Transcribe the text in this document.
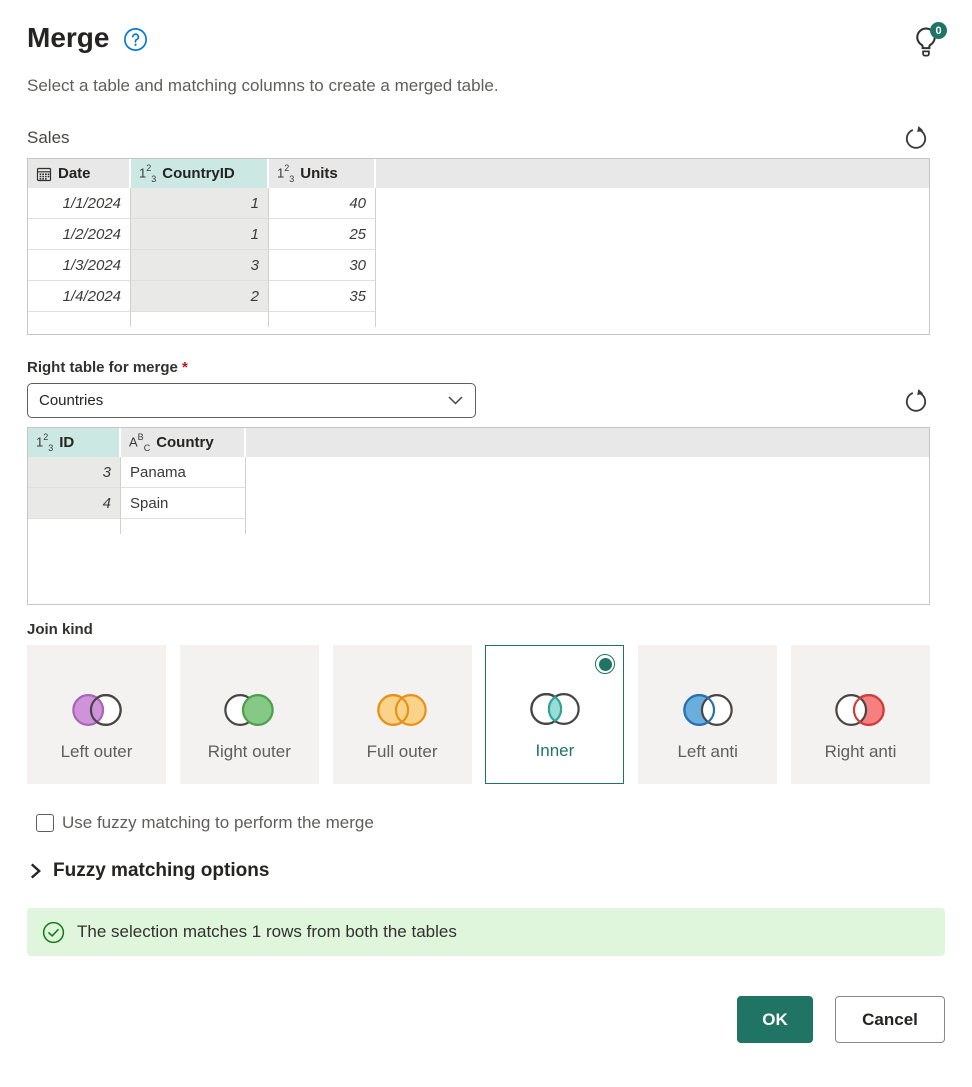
Merge	0
Select a table and matching columns to create a merged table.
Sales
Date	$1^2_3$ CountryID	$1^2_3$ Units
1/1/2024	1	40
1/2/2024	1	25
1/3/2024	3	30
1/4/2024	2	35
Right table for merge *
Countries
$1^2_3$ ID	$A^B_C$ Country
3	Panama
4	Spain
Join kind
Left outer	Right outer	Full outer	Inner	Left anti	Right anti
Use fuzzy matching to perform the merge
Fuzzy matching options
The selection matches 1 rows from both the tables
OK	Cancel
